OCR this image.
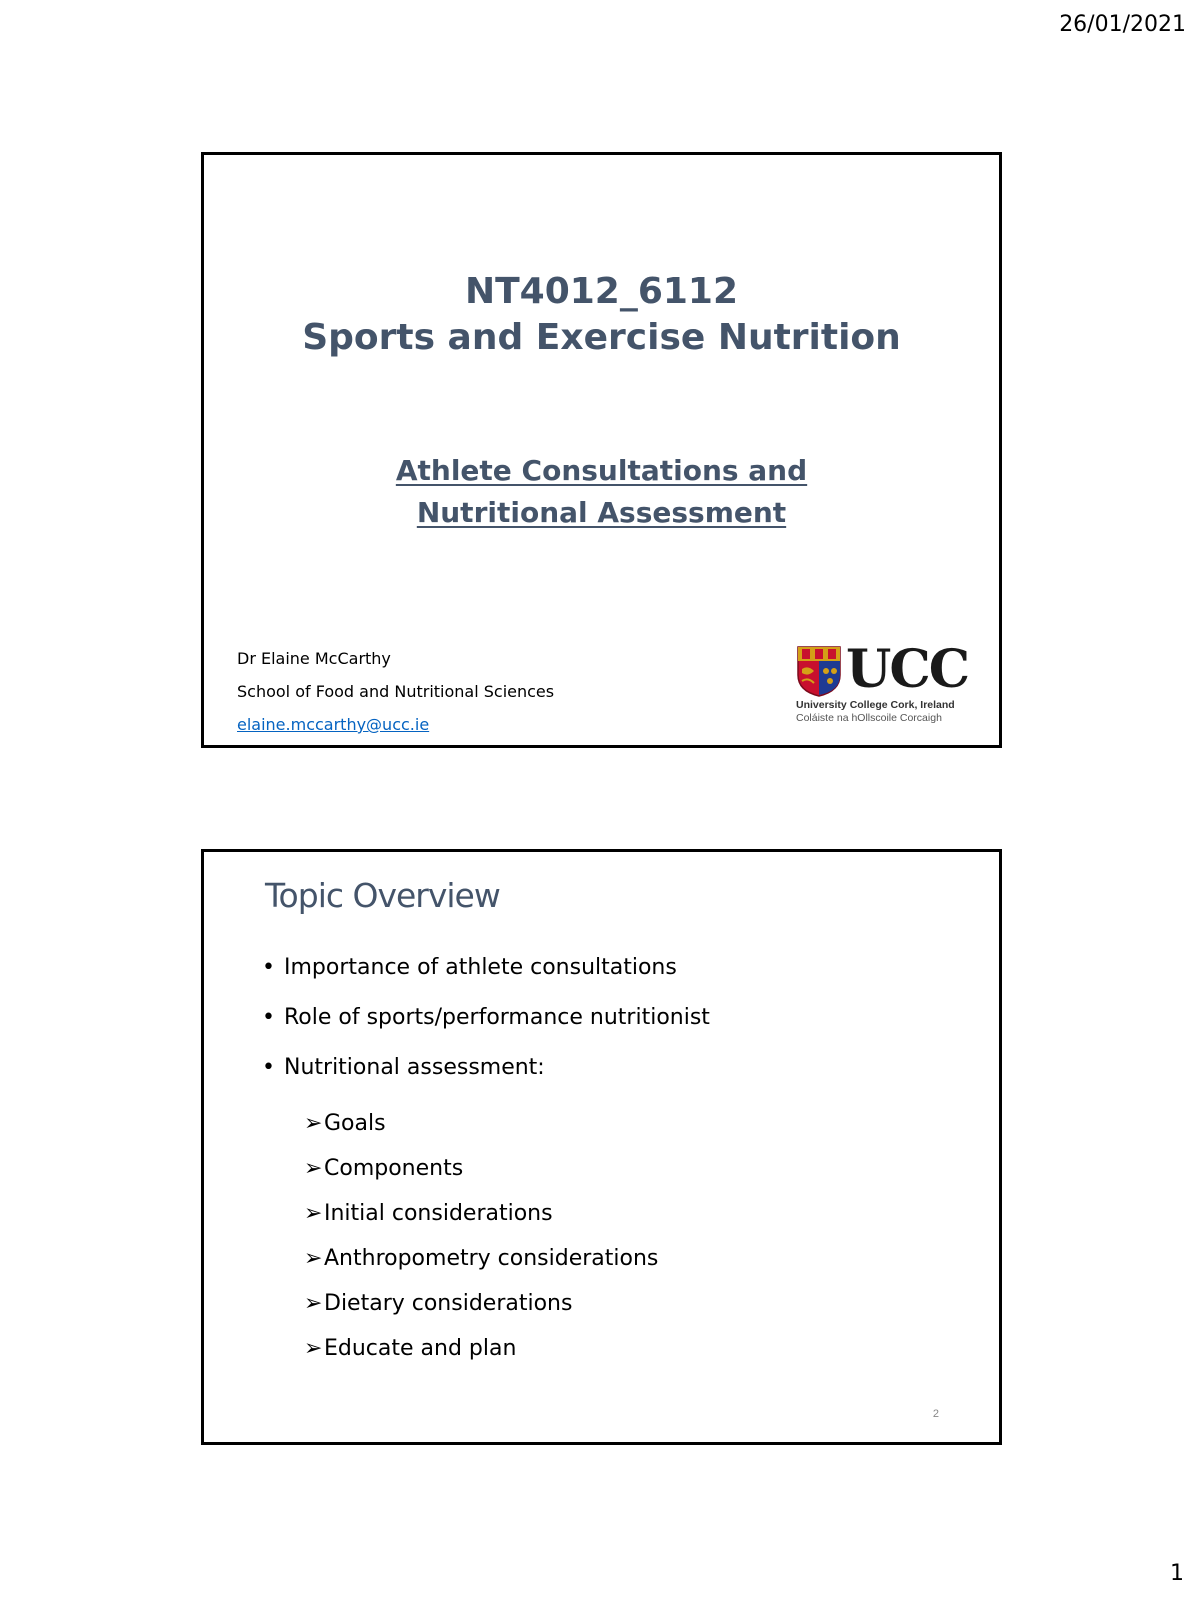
26/01/2021
NT4012_6112
Sports and Exercise Nutrition
Athlete Consultations and
Nutritional Assessment
Dr Elaine McCarthy
School of Food and Nutritional Sciences
elaine.mccarthy@ucc.ie
UCC
University College Cork, Ireland
Coláiste na hOllscoile Corcaigh
Topic Overview
• Importance of athlete consultations
• Role of sports/performance nutritionist
• Nutritional assessment:
➢ Goals
➢ Components
➢ Initial considerations
➢ Anthropometry considerations
➢ Dietary considerations
➢ Educate and plan
2
1
